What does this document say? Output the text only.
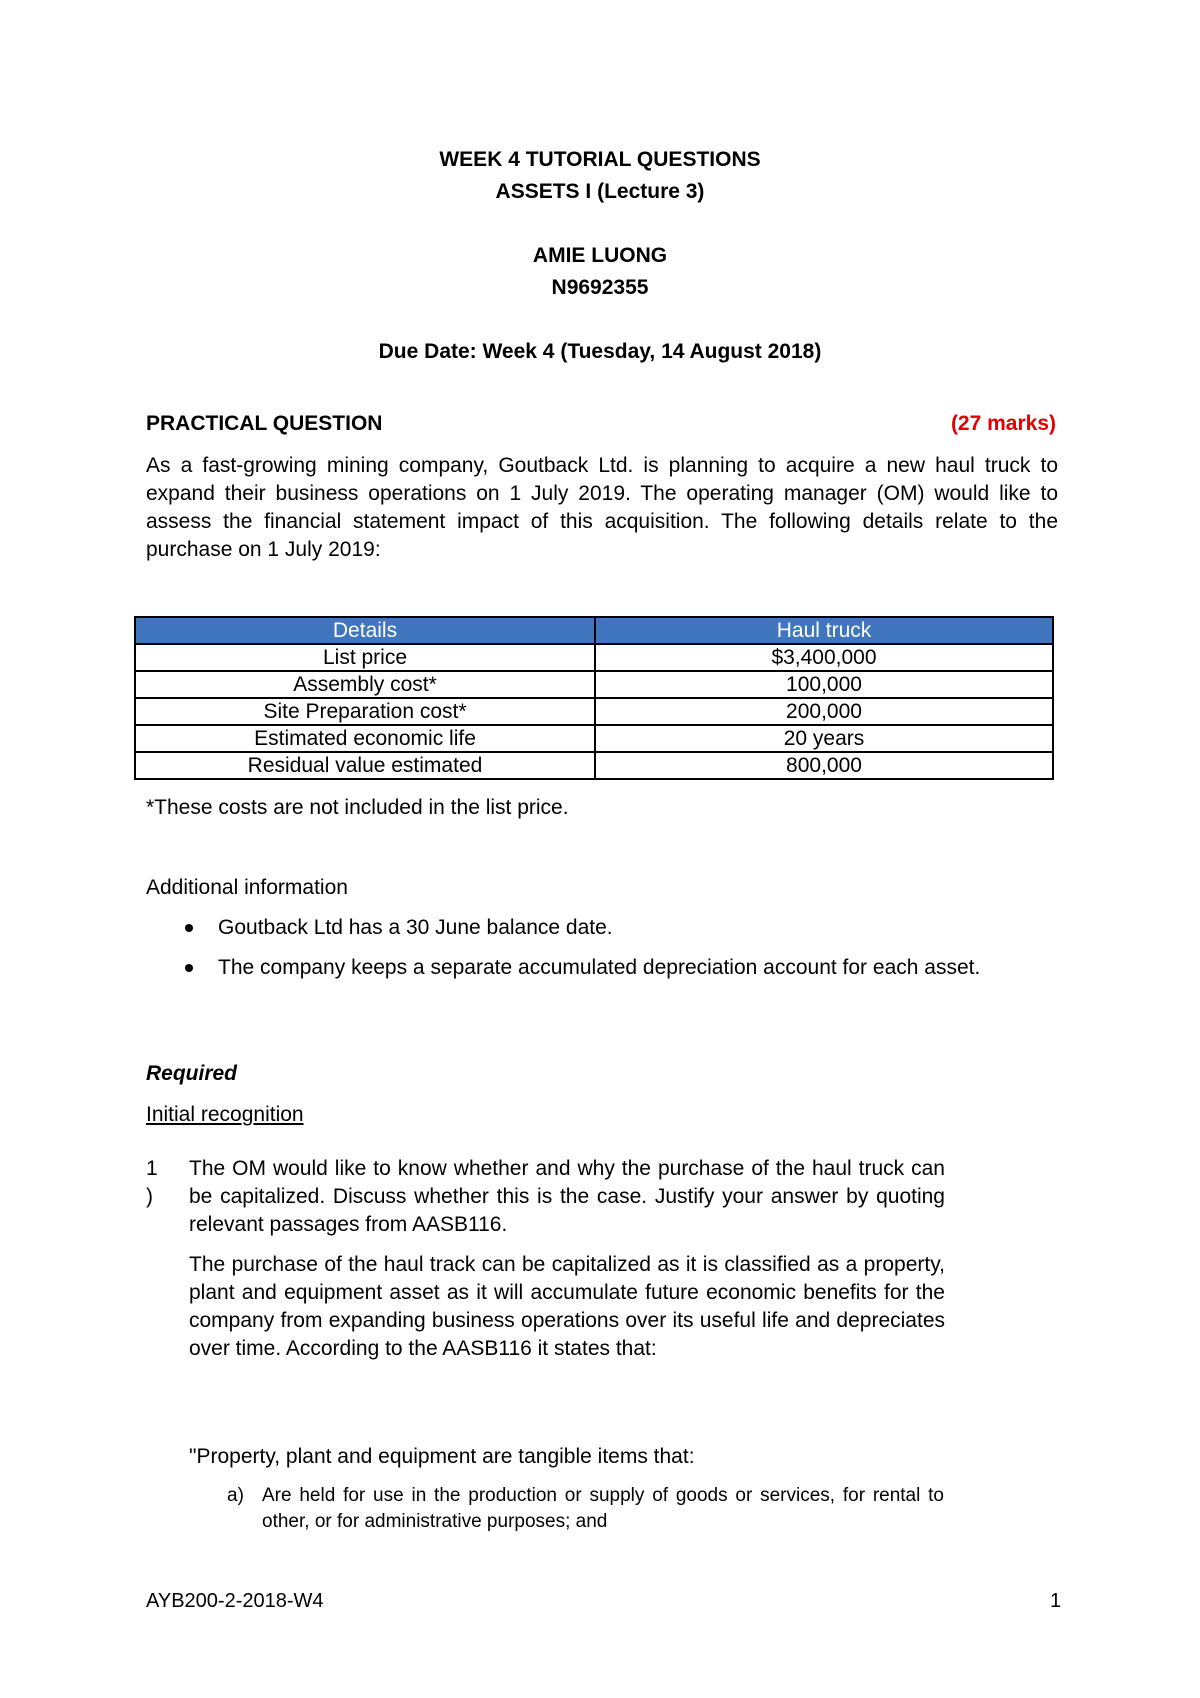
WEEK 4 TUTORIAL QUESTIONS
ASSETS I (Lecture 3)
AMIE LUONG
N9692355
Due Date: Week 4 (Tuesday, 14 August 2018)
PRACTICAL QUESTION	(27 marks)
As a fast-growing mining company, Goutback Ltd. is planning to acquire a new haul truck to expand their business operations on 1 July 2019. The operating manager (OM) would like to assess the financial statement impact of this acquisition. The following details relate to the purchase on 1 July 2019:
Details	Haul truck
List price	$3,400,000
Assembly cost*	100,000
Site Preparation cost*	200,000
Estimated economic life	20 years
Residual value estimated	800,000
*These costs are not included in the list price.
Additional information
Goutback Ltd has a 30 June balance date.
The company keeps a separate accumulated depreciation account for each asset.
Required
Initial recognition
1
)
The OM would like to know whether and why the purchase of the haul truck can be capitalized. Discuss whether this is the case. Justify your answer by quoting relevant passages from AASB116.
The purchase of the haul track can be capitalized as it is classified as a property, plant and equipment asset as it will accumulate future economic benefits for the company from expanding business operations over its useful life and depreciates over time. According to the AASB116 it states that:
"Property, plant and equipment are tangible items that:
a) Are held for use in the production or supply of goods or services, for rental to other, or for administrative purposes; and
AYB200-2-2018-W4	1
